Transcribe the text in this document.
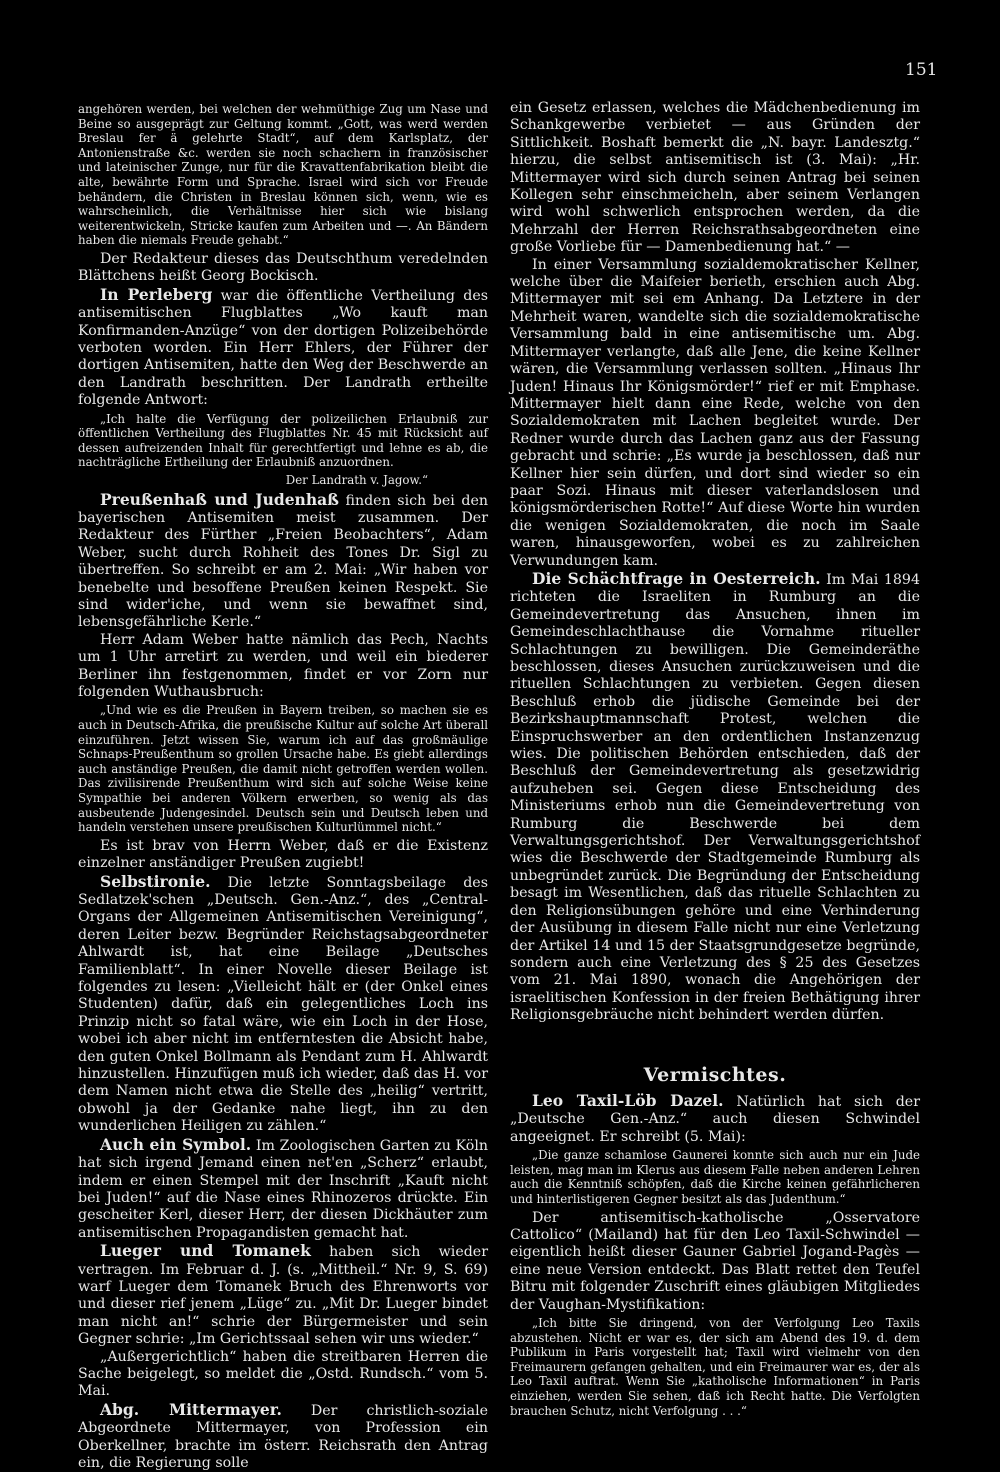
151

angehören werden, bei welchen der wehmüthige Zug um Nase und Beine so ausgeprägt zur Geltung kommt. „Gott, was werd werden Breslau fer ä gelehrte Stadt“, auf dem Karlsplatz, der Antonienstraße &c. werden sie noch schachern in französischer und lateinischer Zunge, nur für die Kravattenfabrikation bleibt die alte, bewährte Form und Sprache. Israel wird sich vor Freude behändern, die Christen in Breslau können sich, wenn, wie es wahrscheinlich, die Verhältnisse hier sich wie bislang weiterentwickeln, Stricke kaufen zum Arbeiten und —. An Bändern haben die niemals Freude gehabt.“

Der Redakteur dieses das Deutschthum veredelnden Blättchens heißt Georg Bockisch.

In Perleberg war die öffentliche Vertheilung des antisemitischen Flugblattes „Wo kauft man Konfirmanden-Anzüge“ von der dortigen Polizeibehörde verboten worden. Ein Herr Ehlers, der Führer der dortigen Antisemiten, hatte den Weg der Beschwerde an den Landrath beschritten. Der Landrath ertheilte folgende Antwort:

„Ich halte die Verfügung der polizeilichen Erlaubniß zur öffentlichen Vertheilung des Flugblattes Nr. 45 mit Rücksicht auf dessen aufreizenden Inhalt für gerechtfertigt und lehne es ab, die nachträgliche Ertheilung der Erlaubniß anzuordnen.

Der Landrath v. Jagow.“

Preußenhaß und Judenhaß finden sich bei den bayerischen Antisemiten meist zusammen. Der Redakteur des Fürther „Freien Beobachters“, Adam Weber, sucht durch Rohheit des Tones Dr. Sigl zu übertreffen. So schreibt er am 2. Mai: „Wir haben vor benebelte und besoffene Preußen keinen Respekt. Sie sind wider'iche, und wenn sie bewaffnet sind, lebensgefährliche Kerle.“

Herr Adam Weber hatte nämlich das Pech, Nachts um 1 Uhr arretirt zu werden, und weil ein biederer Berliner ihn festgenommen, findet er vor Zorn nur folgenden Wuthausbruch:

„Und wie es die Preußen in Bayern treiben, so machen sie es auch in Deutsch-Afrika, die preußische Kultur auf solche Art überall einzuführen. Jetzt wissen Sie, warum ich auf das großmäulige Schnaps-Preußenthum so grollen Ursache habe. Es giebt allerdings auch anständige Preußen, die damit nicht getroffen werden wollen. Das zivilisirende Preußenthum wird sich auf solche Weise keine Sympathie bei anderen Völkern erwerben, so wenig als das ausbeutende Judengesindel. Deutsch sein und Deutsch leben und handeln verstehen unsere preußischen Kulturlümmel nicht.“

Es ist brav von Herrn Weber, daß er die Existenz einzelner anständiger Preußen zugiebt!

Selbstironie. Die letzte Sonntagsbeilage des Sedlatzek'schen „Deutsch. Gen.-Anz.“, des „Central-Organs der Allgemeinen Antisemitischen Vereinigung“, deren Leiter bezw. Begründer Reichstagsabgeordneter Ahlwardt ist, hat eine Beilage „Deutsches Familienblatt“. In einer Novelle dieser Beilage ist folgendes zu lesen: „Vielleicht hält er (der Onkel eines Studenten) dafür, daß ein gelegentliches Loch ins Prinzip nicht so fatal wäre, wie ein Loch in der Hose, wobei ich aber nicht im entferntesten die Absicht habe, den guten Onkel Bollmann als Pendant zum H. Ahlwardt hinzustellen. Hinzufügen muß ich wieder, daß das H. vor dem Namen nicht etwa die Stelle des „heilig“ vertritt, obwohl ja der Gedanke nahe liegt, ihn zu den wunderlichen Heiligen zu zählen.“

Auch ein Symbol. Im Zoologischen Garten zu Köln hat sich irgend Jemand einen net'en „Scherz“ erlaubt, indem er einen Stempel mit der Inschrift „Kauft nicht bei Juden!“ auf die Nase eines Rhinozeros drückte. Ein gescheiter Kerl, dieser Herr, der diesen Dickhäuter zum antisemitischen Propagandisten gemacht hat.

Lueger und Tomanek haben sich wieder vertragen. Im Februar d. J. (s. „Mittheil.“ Nr. 9, S. 69) warf Lueger dem Tomanek Bruch des Ehrenworts vor und dieser rief jenem „Lüge“ zu. „Mit Dr. Lueger bindet man nicht an!“ schrie der Bürgermeister und sein Gegner schrie: „Im Gerichtssaal sehen wir uns wieder.“

„Außergerichtlich“ haben die streitbaren Herren die Sache beigelegt, so meldet die „Ostd. Rundsch.“ vom 5. Mai.

Abg. Mittermayer. Der christlich-soziale Abgeordnete Mittermayer, von Profession ein Oberkellner, brachte im österr. Reichsrath den Antrag ein, die Regierung solle

ein Gesetz erlassen, welches die Mädchenbedienung im Schankgewerbe verbietet — aus Gründen der Sittlichkeit. Boshaft bemerkt die „N. bayr. Landesztg.“ hierzu, die selbst antisemitisch ist (3. Mai): „Hr. Mittermayer wird sich durch seinen Antrag bei seinen Kollegen sehr einschmeicheln, aber seinem Verlangen wird wohl schwerlich entsprochen werden, da die Mehrzahl der Herren Reichsrathsabgeordneten eine große Vorliebe für — Damenbedienung hat.“ —

In einer Versammlung sozialdemokratischer Kellner, welche über die Maifeier berieth, erschien auch Abg. Mittermayer mit sei em Anhang. Da Letztere in der Mehrheit waren, wandelte sich die sozialdemokratische Versammlung bald in eine antisemitische um. Abg. Mittermayer verlangte, daß alle Jene, die keine Kellner wären, die Versammlung verlassen sollten. „Hinaus Ihr Juden! Hinaus Ihr Königsmörder!“ rief er mit Emphase. Mittermayer hielt dann eine Rede, welche von den Sozialdemokraten mit Lachen begleitet wurde. Der Redner wurde durch das Lachen ganz aus der Fassung gebracht und schrie: „Es wurde ja beschlossen, daß nur Kellner hier sein dürfen, und dort sind wieder so ein paar Sozi. Hinaus mit dieser vaterlandslosen und königsmörderischen Rotte!“ Auf diese Worte hin wurden die wenigen Sozialdemokraten, die noch im Saale waren, hinausgeworfen, wobei es zu zahlreichen Verwundungen kam.

Die Schächtfrage in Oesterreich. Im Mai 1894 richteten die Israeliten in Rumburg an die Gemeindevertretung das Ansuchen, ihnen im Gemeindeschlachthause die Vornahme ritueller Schlachtungen zu bewilligen. Die Gemeinderäthe beschlossen, dieses Ansuchen zurückzuweisen und die rituellen Schlachtungen zu verbieten. Gegen diesen Beschluß erhob die jüdische Gemeinde bei der Bezirkshauptmannschaft Protest, welchen die Einspruchswerber an den ordentlichen Instanzenzug wies. Die politischen Behörden entschieden, daß der Beschluß der Gemeindevertretung als gesetzwidrig aufzuheben sei. Gegen diese Entscheidung des Ministeriums erhob nun die Gemeindevertretung von Rumburg die Beschwerde bei dem Verwaltungsgerichtshof. Der Verwaltungsgerichtshof wies die Beschwerde der Stadtgemeinde Rumburg als unbegründet zurück. Die Begründung der Entscheidung besagt im Wesentlichen, daß das rituelle Schlachten zu den Religionsübungen gehöre und eine Verhinderung der Ausübung in diesem Falle nicht nur eine Verletzung der Artikel 14 und 15 der Staatsgrundgesetze begründe, sondern auch eine Verletzung des § 25 des Gesetzes vom 21. Mai 1890, wonach die Angehörigen der israelitischen Konfession in der freien Bethätigung ihrer Religionsgebräuche nicht behindert werden dürfen.

Vermischtes.

Leo Taxil-Löb Dazel. Natürlich hat sich der „Deutsche Gen.-Anz.“ auch diesen Schwindel angeeignet. Er schreibt (5. Mai):

„Die ganze schamlose Gaunerei konnte sich auch nur ein Jude leisten, mag man im Klerus aus diesem Falle neben anderen Lehren auch die Kenntniß schöpfen, daß die Kirche keinen gefährlicheren und hinterlistigeren Gegner besitzt als das Judenthum.“

Der antisemitisch-katholische „Osservatore Cattolico“ (Mailand) hat für den Leo Taxil-Schwindel — eigentlich heißt dieser Gauner Gabriel Jogand-Pagès — eine neue Version entdeckt. Das Blatt rettet den Teufel Bitru mit folgender Zuschrift eines gläubigen Mitgliedes der Vaughan-Mystifikation:

„Ich bitte Sie dringend, von der Verfolgung Leo Taxils abzustehen. Nicht er war es, der sich am Abend des 19. d. dem Publikum in Paris vorgestellt hat; Taxil wird vielmehr von den Freimaurern gefangen gehalten, und ein Freimaurer war es, der als Leo Taxil auftrat. Wenn Sie „katholische Informationen“ in Paris einziehen, werden Sie sehen, daß ich Recht hatte. Die Verfolgten brauchen Schutz, nicht Verfolgung . . .“
